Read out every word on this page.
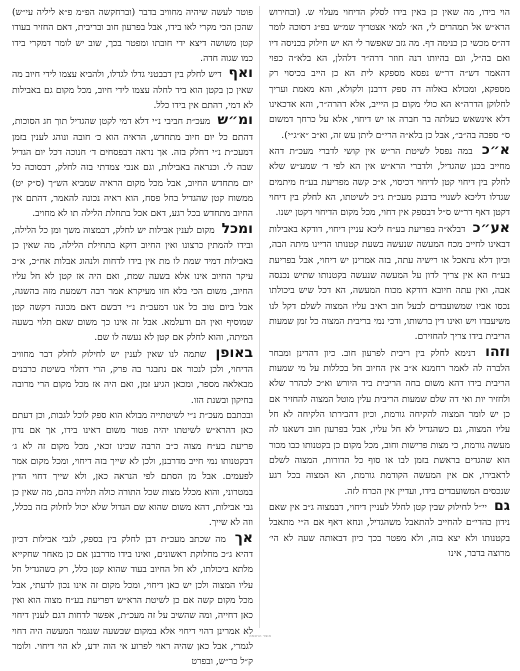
הוי בידו, מה שאין כן באין בידו לסלק הדיחוי מעלוי ש. (ובחירוש הרא״ש אל תמהרים לי, הא׳ למאי אצטריך שמ״ש בפ״ג דסוכה לומר דה״ס מכשי כן כנימה דף. מה גזב שאפשר לי הא יש חילוק בכניסה דיו ואם בה״ל, וגם בהיותו דנה חוזר דרה״ר דלהלן, הא בלא״ה כפוי דהאמר דש״ה דר״ש נפסא מספקא לית הא כן הייב בכיסוי רק מספקא, ומכולא באלוה דה ספק דרבנן ולקולא, והא מאמת ועריך לחלוקן הדרה״א הא כולי מקום כן היייב, אלא דהרה״ר, והא אדכאינו דלא אינשאש כעלתה בר חברה או יש דיחוי, אלא על כרחך דמשום ס״ ספכה בה״ב״, אבל כן בלא״ה הרי״ם ליתן עש זה, וא״ב ״א״ג״י).

א״כ במה נפסל לשיטת הר״ש אין קושי לדברי מעכ״ת דהא מחייב בכנן שהגדיל, ולדברי הרא״ש אין הא לפי ד׳ שמע״ש שלא לחלק בין דיחוי קטן לדיחוי דכיסוי, א״כ קשה מפריעת בע״ח מיתמים שגדלו דליכא לשנויי בדבנק מעכ״ת ג״כ לשיטתו, הא לחלק בין דיחוי דקטן דאף דר״ש ס״ל דבספק אין דחוי, מכל מקום הדיחוי דקטן ישנו.

אע״כ דבלא״ה בפריעת בע״ח ליכא עניין דיחוי, דודקא באבילות דבאינו לחייב מכח המעשה שנעשה בשעת קטנותו הדיינו מיתה הבה, וכיון דלא נתאכל או רישיה עתה, בזה אמרינן יש דיחוי, אבל בפריעת בע״ח הא אין צריך לדון על המעשה שנעשה בקטנותו שתיש נכנסה אבה, ואין עתה חיובא דודקא מכוח המעשה, הא דכל שיש ביכולתו נכסו אביו שמשועבדים לבעל חוב ראיב עליו המצוה לשלם דקל לנו משיעבדו ויש ואינו דין ברשותו, ודכי נמי בריבית המצוה כל זמן שמעות הריבית בידו צריך להחזירם.

וזהו דנימא לחלק בין ריבית לפרעון חוב. כיון דהדינן ומבחר הלברה לה לאמר רחמנא א״ב אין החיוב חל בכללות על מי שמעות הריבית בידו דהא משום בחה הריבית ביד היורש וא״כ לכהרר שלא ולחזיר יות ואי דה שלם שמעות הריבית עלין מוטל המצוה להחזיר אם כן יש לומר המצוה להקיחה גורמת, וכיון דהבירתו הלקיחה לא חל עליו המצוה, גם כשהגדיל לא חל עליו, אבל בפרעון חוב דשאנו לה מעשה גורמת, כי מצות פרישות וחוב, מכל מקום כן בקטנותו כבו מכור הוא שהגדים בראשת בזמן לבו או סוף כל הדורות, המצוה לשלם לראבירו, אם אין המעשה הקודמת גורמת, הא המצוה בכל רגע שנכסים המשועבדים בידו, ועדיין אין הכרח לזה.

גם יי״ל לחילוק שבין קטן לחלל לעניין דיחוי, דבמצוה ג״ב אין שאם נידון כהדי״ם להחייב להתאבל משהגדיל, ונחא דאף אם ה״י מתאבל בקטנותו ולא יצא בזה, ולא מפטר בכך כיון דבאותה שעה לא הי׳ מרוצה בדבר, אינו

פוטר לעשה שיהיה מחוויב בדבר (וברחקשה הפ״מ פ״א ליליה עי״ש) שהכן הכי מקרי לאו בידו, אבל בפרעון חוב ובריבית, דאם החזיר בעודו קטן משושה דיצא ידי חובתו ומפטר בכך, שוב יש לומר דמקרי בידו כמו שגוה חדה.

ואף דיש לחלק בין דבבטני גדלו לגדלו, ולהביא עצמו לידי חיוב מה שאין כן בקטן הוא ביד לחלה עצמו לידי חיוב, מכל מקום גם באבילות לא דמי, דהתם אין בידו כלל.

ומ״ש מעכ״ת חביבי נ״י דלא דמי לקטן שהגדיל תוך חג הסוכות, דהתם כל יום חיוב מתחדש, הראיה הוא כ׳ חובה ונוהג לענין בזמן דמעכ״ת נ״י דחלק בזה. אך נראה דבפסחים ד׳ חנוכה דכל יום הגדיל שבה לי. וכנראה באבילות, וגם אנכי צמדתי בזה לחלק, דבסוכה כל יום מתחדש החיוב, אבל מכל מקום הראיה שמביא הש״ך (ס״ק יט) ממשוח קטן שהגדיל בחל פסח, הוא ראיה נכונה להאמר, דהתם אין החיוב מתחדש בכל רגע, דאם אכל בתחלת הלילה תו לא מחויב.

ומכל מקום לענין אבילות יש לחלק, דבמצוה משך ומן כל הלילה, ובידו להמתין כרצונו ואין החיוב דוקא בתחילת הלילה, מה שאין כן באבילות דמיד שמת לו מת אין בידו לדחות ולנהוג אבלות אח״כ, א״כ עיקר החיוב אינו אלא בשעה שמת, ואם היה אז קטן לא חל עליו החיוב, משום הכי בלא חזו מעיקרא אמר רבה דשמעת מזה בהשגה, אבל ביום טוב כל אנו דמעכ״ת נ״י דבשם דאם מכונה דקשה קטן שמוסיף ואין הם ודעלמא. אבל זה אינו כך משום שאם תלוי בשעה המיתה, והוא לחלק אם קטן לא נעשה לו שם.

באופן שתמה לנו שאין לענין יש לחילוק לחלק דבר מחוויב הדיחוי, ולכן לנכור אם נתבגר בה פרק, הרי דתלוי בשיטת כרבנים מבאלאה מספר, ומכאן הגיע זמן, ואם היה אז מכל מקום הרי מרובה בחיקון ובשנת הזו.

ובכתבם מעכ״ת נ״י לשיטתייה מבולא הוא ספק לוכל לגבות, וכן דעתם כאן דהרא״ש לשיטתו יהיה פטור משום דאינו בידו, אך אם נדון פריעת בע״ח מצוה כ״ב הרבה שכינו זכאי, מכל מקום זה לא ג׳ דבקטנותו נמי חייב מדרבנן, ולכן לא שייך בזה דיחוי, ומכל מקום אמר לפעמים. אבל מן הסתם לפי הנראה כאן, ולא שייך דחוי הדין במטרוני, והוא מכלל מצות שכל התורה כולה תלויה בהם, מה שאין כן גבי אבילות, דהא משום שהוא שם הגדול שלא יכול לחלוק בזה בכלל, וזה לא שייך.

אך מה שכתב מעכ״ת דבן לחלק בין בספק, לגבי אבילות דכיון דהיא ג״כ מחלוקת ראשונים, ואינו בידו מדרבנן אם כן מאחר שחקייא מלתא ביכולתו, לא חל החיוב בעוד שהוא קטן כלל, רק כשהגדיל חל עליו המצוה ולכן יש כאן דיחוי, ומכל מקום זה אינו נכון לדעתי, אבל מכל מקום קשה אם כן לשיטת הרא״ש דפריעת בע״ח מצוה הוא ואין כאן דחייה, ומה שהשיב על זה מעכ״ת, אפשר לדחות דגם לענין דיחוי לא אמרינן דהוי דיחוי אלא במקום שבשעה שנגמר המעשה היה דחוי לגמרי, אבל כאן שהיה ראוי לפרוע אי הוה ידע, לא הוי דיחוי. ולומר ק״ל כר״ש, ובפרט

אוצר החכמה
